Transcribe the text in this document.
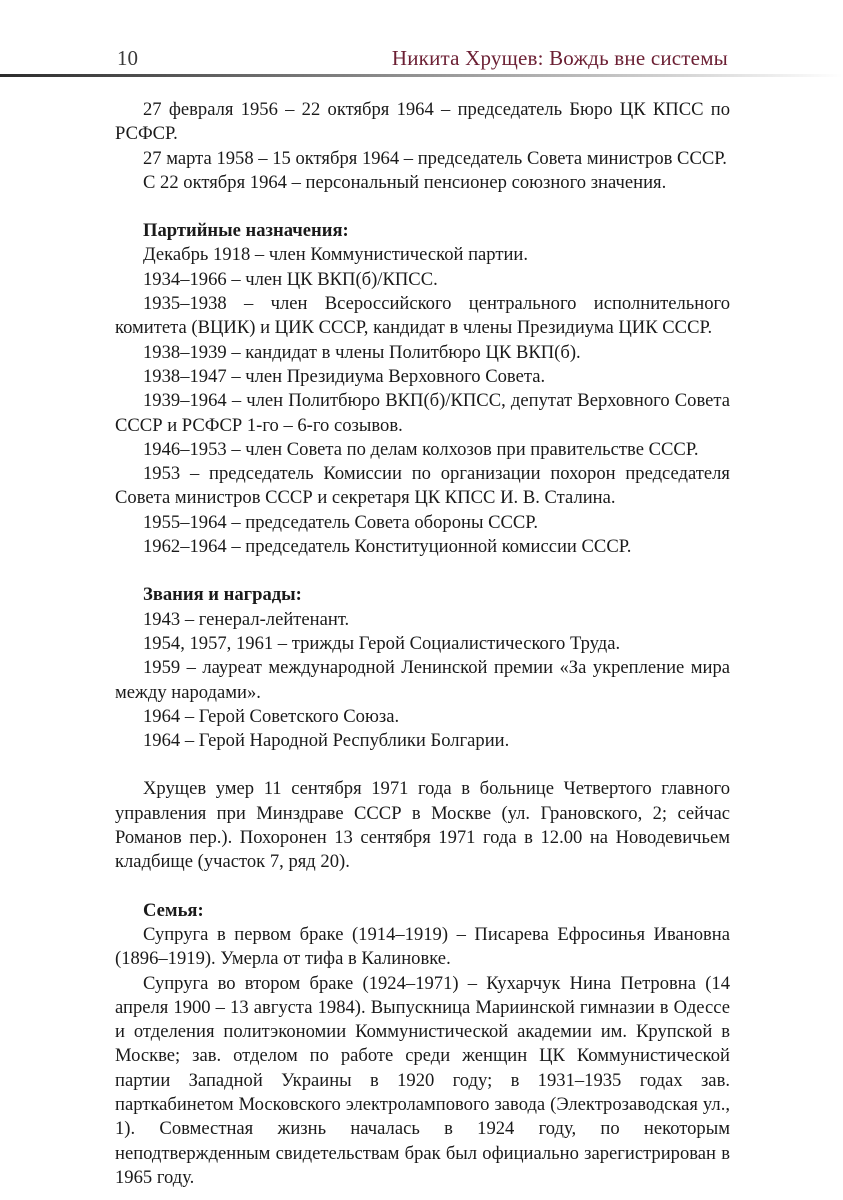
10	Никита Хрущев: Вождь вне системы

27 февраля 1956 – 22 октября 1964 – председатель Бюро ЦК КПСС по РСФСР.

27 марта 1958 – 15 октября 1964 – председатель Совета министров СССР.

С 22 октября 1964 – персональный пенсионер союзного значения.

Партийные назначения:

Декабрь 1918 – член Коммунистической партии.

1934–1966 – член ЦК ВКП(б)/КПСС.

1935–1938 – член Всероссийского центрального исполнительного комитета (ВЦИК) и ЦИК СССР, кандидат в члены Президиума ЦИК СССР.

1938–1939 – кандидат в члены Политбюро ЦК ВКП(б).

1938–1947 – член Президиума Верховного Совета.

1939–1964 – член Политбюро ВКП(б)/КПСС, депутат Верховного Совета СССР и РСФСР 1-го – 6-го созывов.

1946–1953 – член Совета по делам колхозов при правительстве СССР.

1953 – председатель Комиссии по организации похорон председателя Совета министров СССР и секретаря ЦК КПСС И. В. Сталина.

1955–1964 – председатель Совета обороны СССР.

1962–1964 – председатель Конституционной комиссии СССР.

Звания и награды:

1943 – генерал-лейтенант.

1954, 1957, 1961 – трижды Герой Социалистического Труда.

1959 – лауреат международной Ленинской премии «За укрепление мира между народами».

1964 – Герой Советского Союза.

1964 – Герой Народной Республики Болгарии.

Хрущев умер 11 сентября 1971 года в больнице Четвертого главного управления при Минздраве СССР в Москве (ул. Грановского, 2; сейчас Романов пер.). Похоронен 13 сентября 1971 года в 12.00 на Новодевичьем кладбище (участок 7, ряд 20).

Семья:

Супруга в первом браке (1914–1919) – Писарева Ефросинья Ивановна (1896–1919). Умерла от тифа в Калиновке.

Супруга во втором браке (1924–1971) – Кухарчук Нина Петровна (14 апреля 1900 – 13 августа 1984). Выпускница Мариинской гимназии в Одессе и отделения политэкономии Коммунистической академии им. Крупской в Москве; зав. отделом по работе среди женщин ЦК Коммунистической партии Западной Украины в 1920 году; в 1931–1935 годах зав. парткабинетом Московского электролампового завода (Электрозаводская ул., 1). Совместная жизнь началась в 1924 году, по некоторым неподтвержденным свидетельствам брак был официально зарегистрирован в 1965 году.
